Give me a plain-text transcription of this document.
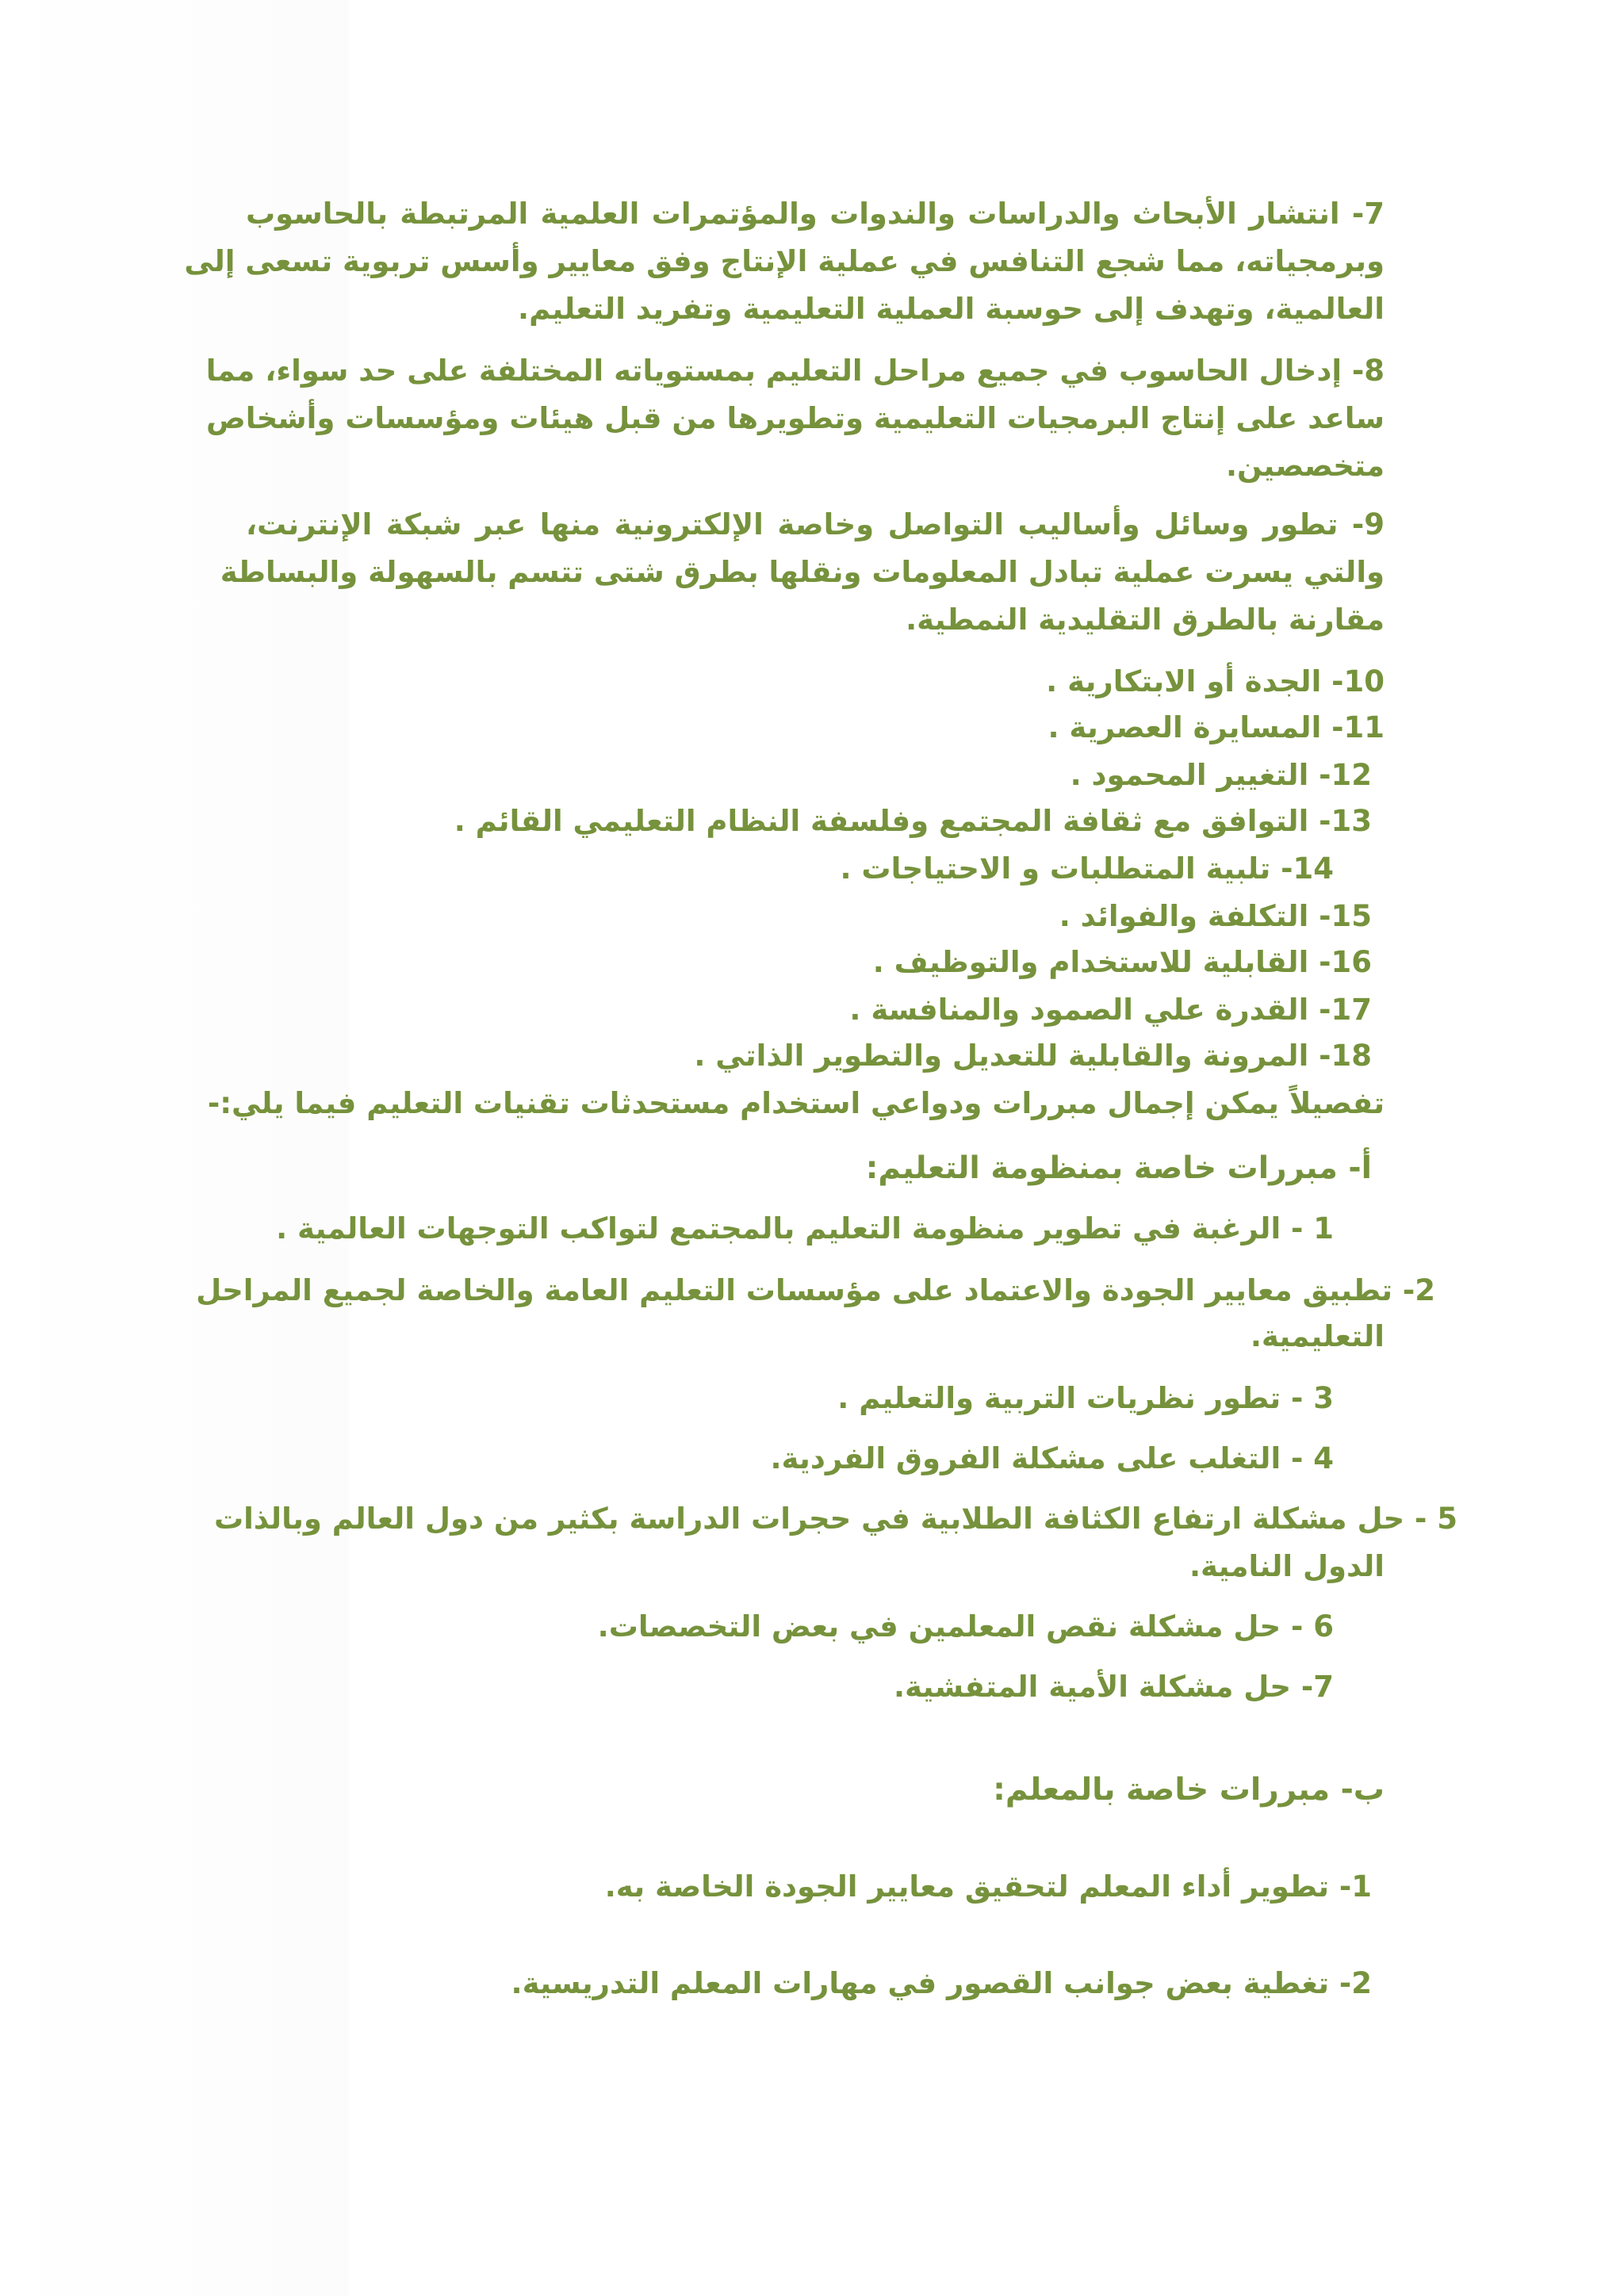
7- انتشار الأبحاث والدراسات والندوات والمؤتمرات العلمية المرتبطة بالحاسوب

وبرمجياته، مما شجع التنافس في عملية الإنتاج وفق معايير وأسس تربوية تسعى إلى

العالمية، وتهدف إلى حوسبة العملية التعليمية وتفريد التعليم.

8- إدخال الحاسوب في جميع مراحل التعليم بمستوياته المختلفة على حد سواء، مما

ساعد على إنتاج البرمجيات التعليمية وتطويرها من قبل هيئات ومؤسسات وأشخاص

متخصصين.

9- تطور وسائل وأساليب التواصل وخاصة الإلكترونية منها عبر شبكة الإنترنت،

والتي يسرت عملية تبادل المعلومات ونقلها بطرق شتى تتسم بالسهولة والبساطة

مقارنة بالطرق التقليدية النمطية.

10- الجدة أو الابتكارية .

11- المسايرة العصرية .

12- التغيير المحمود .

13- التوافق مع ثقافة المجتمع وفلسفة النظام التعليمي القائم .

14- تلبية المتطلبات و الاحتياجات .

15- التكلفة والفوائد .

16- القابلية للاستخدام والتوظيف .

17- القدرة علي الصمود والمنافسة .

18- المرونة والقابلية للتعديل والتطوير الذاتي .

تفصيلاً يمكن إجمال مبررات ودواعي استخدام مستحدثات تقنيات التعليم فيما يلي:-

أ- مبررات خاصة بمنظومة التعليم:

1 - الرغبة في تطوير منظومة التعليم بالمجتمع لتواكب التوجهات العالمية .

2- تطبيق معايير الجودة والاعتماد على مؤسسات التعليم العامة والخاصة لجميع المراحل

التعليمية.

3 - تطور نظريات التربية والتعليم .

4 - التغلب على مشكلة الفروق الفردية.

5 - حل مشكلة ارتفاع الكثافة الطلابية في حجرات الدراسة بكثير من دول العالم وبالذات

الدول النامية.

6 - حل مشكلة نقص المعلمين في بعض التخصصات.

7- حل مشكلة الأمية المتفشية.

ب- مبررات خاصة بالمعلم:

1- تطوير أداء المعلم لتحقيق معايير الجودة الخاصة به.

2- تغطية بعض جوانب القصور في مهارات المعلم التدريسية.
